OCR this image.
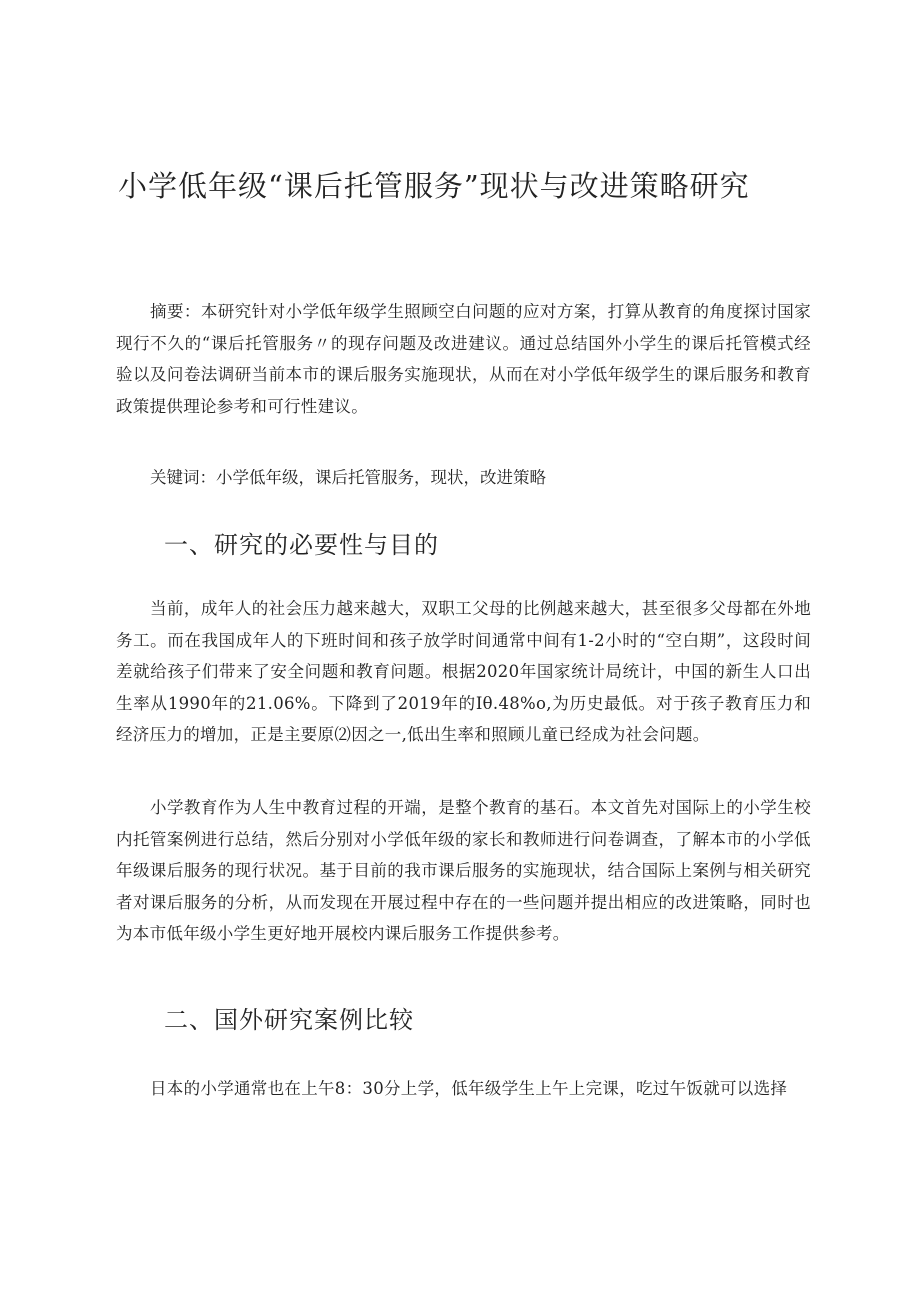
小学低年级“课后托管服务”现状与改进策略研究

摘要：本研究针对小学低年级学生照顾空白问题的应对方案，打算从教育的角度探讨国家现行不久的“课后托管服务〃的现存问题及改进建议。通过总结国外小学生的课后托管模式经验以及问卷法调研当前本市的课后服务实施现状，从而在对小学低年级学生的课后服务和教育政策提供理论参考和可行性建议。

关键词：小学低年级，课后托管服务，现状，改进策略

一、研究的必要性与目的

当前，成年人的社会压力越来越大，双职工父母的比例越来越大，甚至很多父母都在外地务工。而在我国成年人的下班时间和孩子放学时间通常中间有1-2小时的“空白期”，这段时间差就给孩子们带来了安全问题和教育问题。根据2020年国家统计局统计，中国的新生人口出生率从1990年的21.06%。下降到了2019年的Iθ.48%o,为历史最低。对于孩子教育压力和经济压力的增加，正是主要原⑵因之一,低出生率和照顾儿童已经成为社会问题。

小学教育作为人生中教育过程的开端，是整个教育的基石。本文首先对国际上的小学生校内托管案例进行总结，然后分别对小学低年级的家长和教师进行问卷调查，了解本市的小学低年级课后服务的现行状况。基于目前的我市课后服务的实施现状，结合国际上案例与相关研究者对课后服务的分析，从而发现在开展过程中存在的一些问题并提出相应的改进策略，同时也为本市低年级小学生更好地开展校内课后服务工作提供参考。

二、国外研究案例比较

日本的小学通常也在上午8：30分上学，低年级学生上午上完课，吃过午饭就可以选择
